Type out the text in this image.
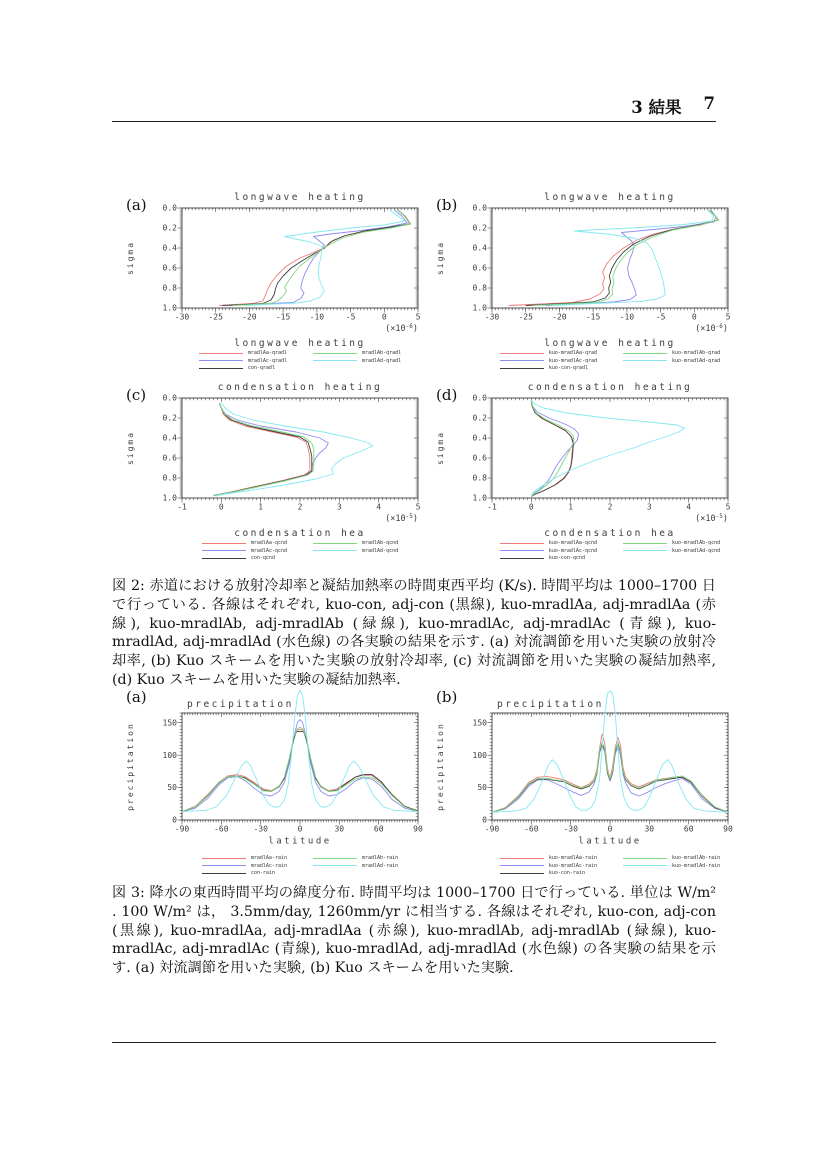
3 結果 7
(a)	longwave heating
-30 -25 -20 -15 -10	-5	0	5
0.0
0.2
0.4
0.6
0.8
1.0
sigma
$(\times 10^{-6})$
longwave heating
mradlAa-qradl
mradlAc-qradl
con-qradl
mradlAb-qradl
mradlAd-qradl
(b)	longwave heating
-30 -25 -20 -15 -10	-5	0	5
0.0
0.2
0.4
0.6
0.8
1.0
sigma
$(\times 10^{-6})$
longwave heating
kuo-mradlAa-qrad
kuo-mradlAc-qrad
kuo-con-qradl
kuo-mradlAb-qrad
kuo-mradlAd-qrad
(c)	condensation heating
-1	0	1	2	3	4	5
0.0
0.2
0.4
0.6
0.8
1.0
sigma
$(\times 10^{-5})$
condensation hea
mradlAa-qcnd
mradlAc-qcnd
con-qcnd
mradlAb-qcnd
mradlAd-qcnd
(d)	condensation heating
-1	0	1	2	3	4	5
0.0
0.2
0.4
0.6
0.8
1.0
sigma
$(\times 10^{-5})$
condensation hea
kuo-mradlAa-qcnd
kuo-mradlAc-qcnd
kuo-con-qcnd
kuo-mradlAb-qcnd
kuo-mradlAd-qcnd
図 2: 赤道における放射冷却率と凝結加熱率の時間東西平均 (K/s). 時間平均は 1000–1700 日で行っている. 各線はそれぞれ, kuo-con, adj-con (黒線), kuo-mradlAa, adj-mradlAa (赤線), kuo-mradlAb, adj-mradlAb (緑線), kuo-mradlAc, adj-mradlAc (青線), kuo-mradlAd, adj-mradlAd (水色線) の各実験の結果を示す. (a) 対流調節を用いた実験の放射冷却率, (b) Kuo スキームを用いた実験の放射冷却率, (c) 対流調節を用いた実験の凝結加熱率, (d) Kuo スキームを用いた実験の凝結加熱率.
(a)	precipitation
-90	-60	-30	0	30	60	90
0
50
100
150
precipitation
latitude
mradlAa-rain
mradlAc-rain
con-rain
mradlAb-rain
mradlAd-rain
(b)	precipitation
-90	-60	-30	0	30	60	90
0
50
100
150
precipitation
latitude
kuo-mradlAa-rain
kuo-mradlAc-rain
kuo-con-rain
kuo-mradlAb-rain
kuo-mradlAd-rain
図 3: 降水の東西時間平均の緯度分布. 時間平均は 1000–1700 日で行っている. 単位は W/m² . 100 W/m² は， 3.5mm/day, 1260mm/yr に相当する. 各線はそれぞれ, kuo-con, adj-con (黒線), kuo-mradlAa, adj-mradlAa (赤線), kuo-mradlAb, adj-mradlAb (緑線), kuo-mradlAc, adj-mradlAc (青線), kuo-mradlAd, adj-mradlAd (水色線) の各実験の結果を示す. (a) 対流調節を用いた実験, (b) Kuo スキームを用いた実験.
